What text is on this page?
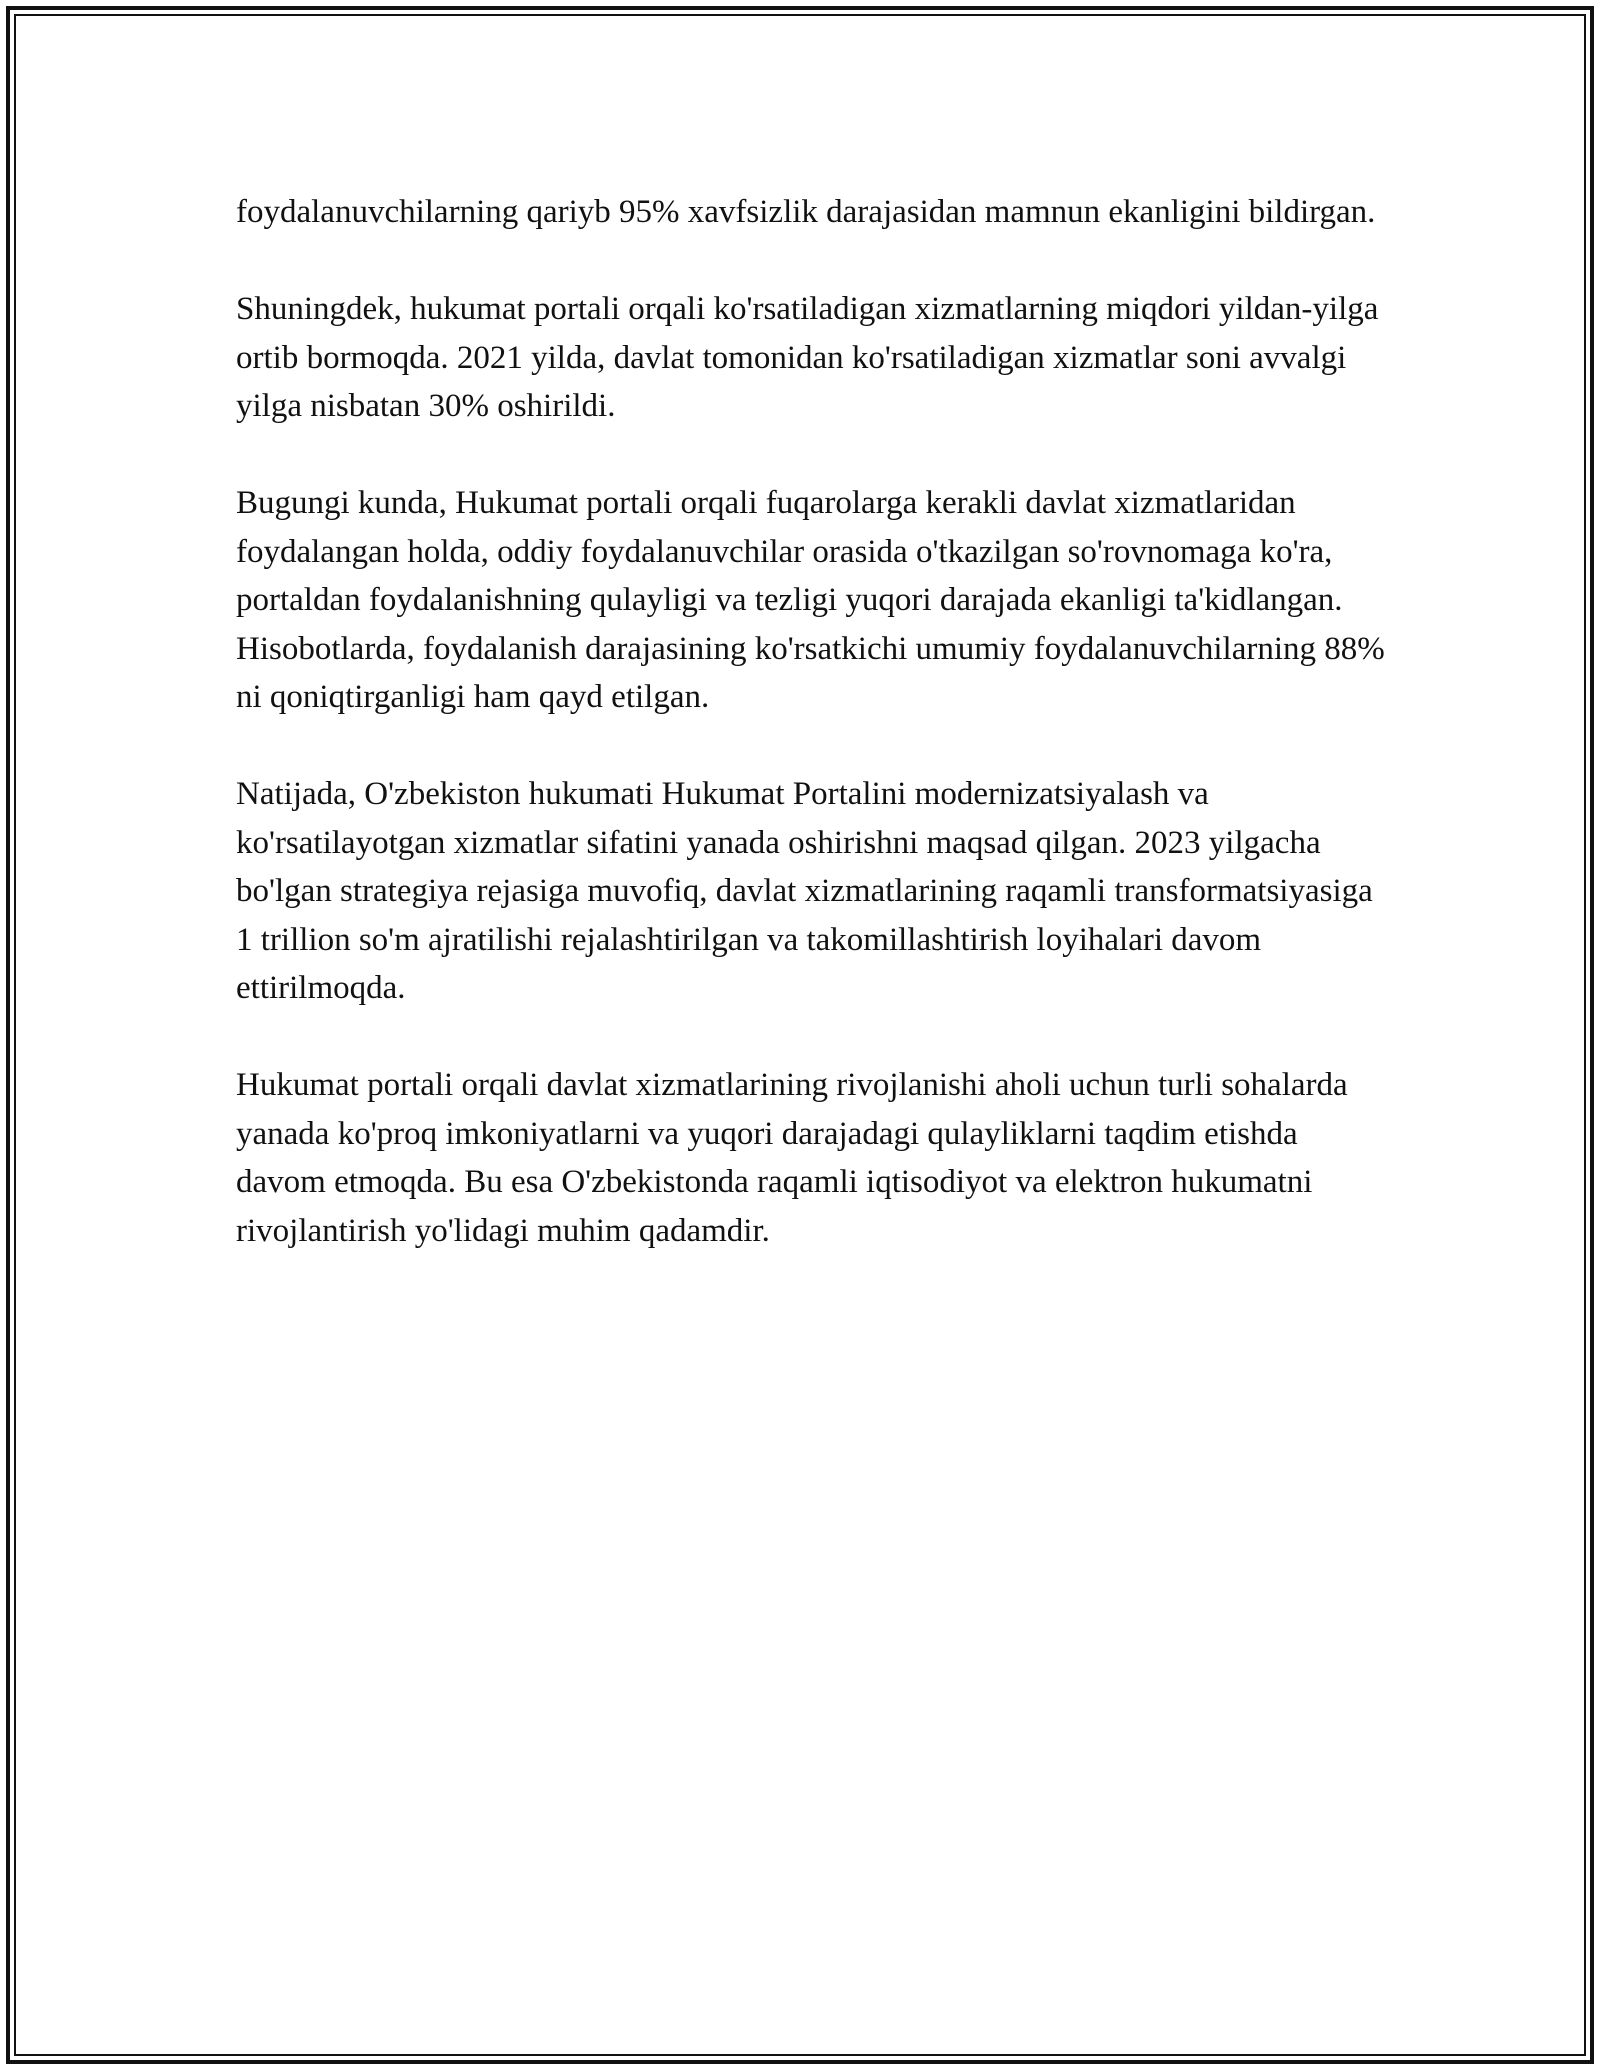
foydalanuvchilarning qariyb 95% xavfsizlik darajasidan mamnun ekanligini bildirgan.

Shuningdek, hukumat portali orqali ko'rsatiladigan xizmatlarning miqdori yildan-yilga ortib bormoqda. 2021 yilda, davlat tomonidan ko'rsatiladigan xizmatlar soni avvalgi yilga nisbatan 30% oshirildi.

Bugungi kunda, Hukumat portali orqali fuqarolarga kerakli davlat xizmatlaridan foydalangan holda, oddiy foydalanuvchilar orasida o'tkazilgan so'rovnomaga ko'ra, portaldan foydalanishning qulayligi va tezligi yuqori darajada ekanligi ta'kidlangan. Hisobotlarda, foydalanish darajasining ko'rsatkichi umumiy foydalanuvchilarning 88% ni qoniqtirganligi ham qayd etilgan.

Natijada, O'zbekiston hukumati Hukumat Portalini modernizatsiyalash va ko'rsatilayotgan xizmatlar sifatini yanada oshirishni maqsad qilgan. 2023 yilgacha bo'lgan strategiya rejasiga muvofiq, davlat xizmatlarining raqamli transformatsiyasiga 1 trillion so'm ajratilishi rejalashtirilgan va takomillashtirish loyihalari davom ettirilmoqda.

Hukumat portali orqali davlat xizmatlarining rivojlanishi aholi uchun turli sohalarda yanada ko'proq imkoniyatlarni va yuqori darajadagi qulayliklarni taqdim etishda davom etmoqda. Bu esa O'zbekistonda raqamli iqtisodiyot va elektron hukumatni rivojlantirish yo'lidagi muhim qadamdir.
